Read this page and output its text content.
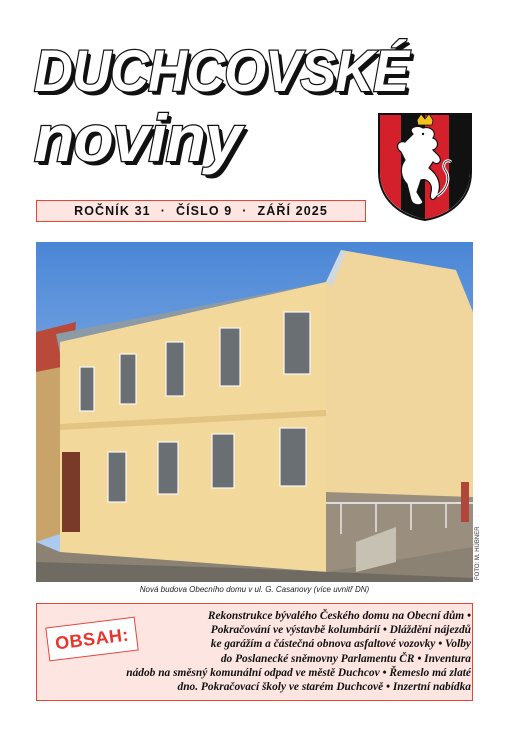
DUCHCOVSKÉ
noviny
ROČNÍK 31 · ČÍSLO 9 · ZÁŘÍ 2025
FOTO: M. HÜBNER
Nová budova Obecního domu v ul. G. Casanovy (více uvnitř DN)
OBSAH:
Rekonstrukce bývalého Českého domu na Obecní dům •
Pokračování ve výstavbě kolumbárií • Dláždění nájezdů
ke garážím a částečná obnova asfaltové vozovky • Volby
do Poslanecké sněmovny Parlamentu ČR • Inventura
nádob na směsný komunální odpad ve městě Duchcov • Řemeslo má zlaté
dno. Pokračovací školy ve starém Duchcově • Inzertní nabídka
